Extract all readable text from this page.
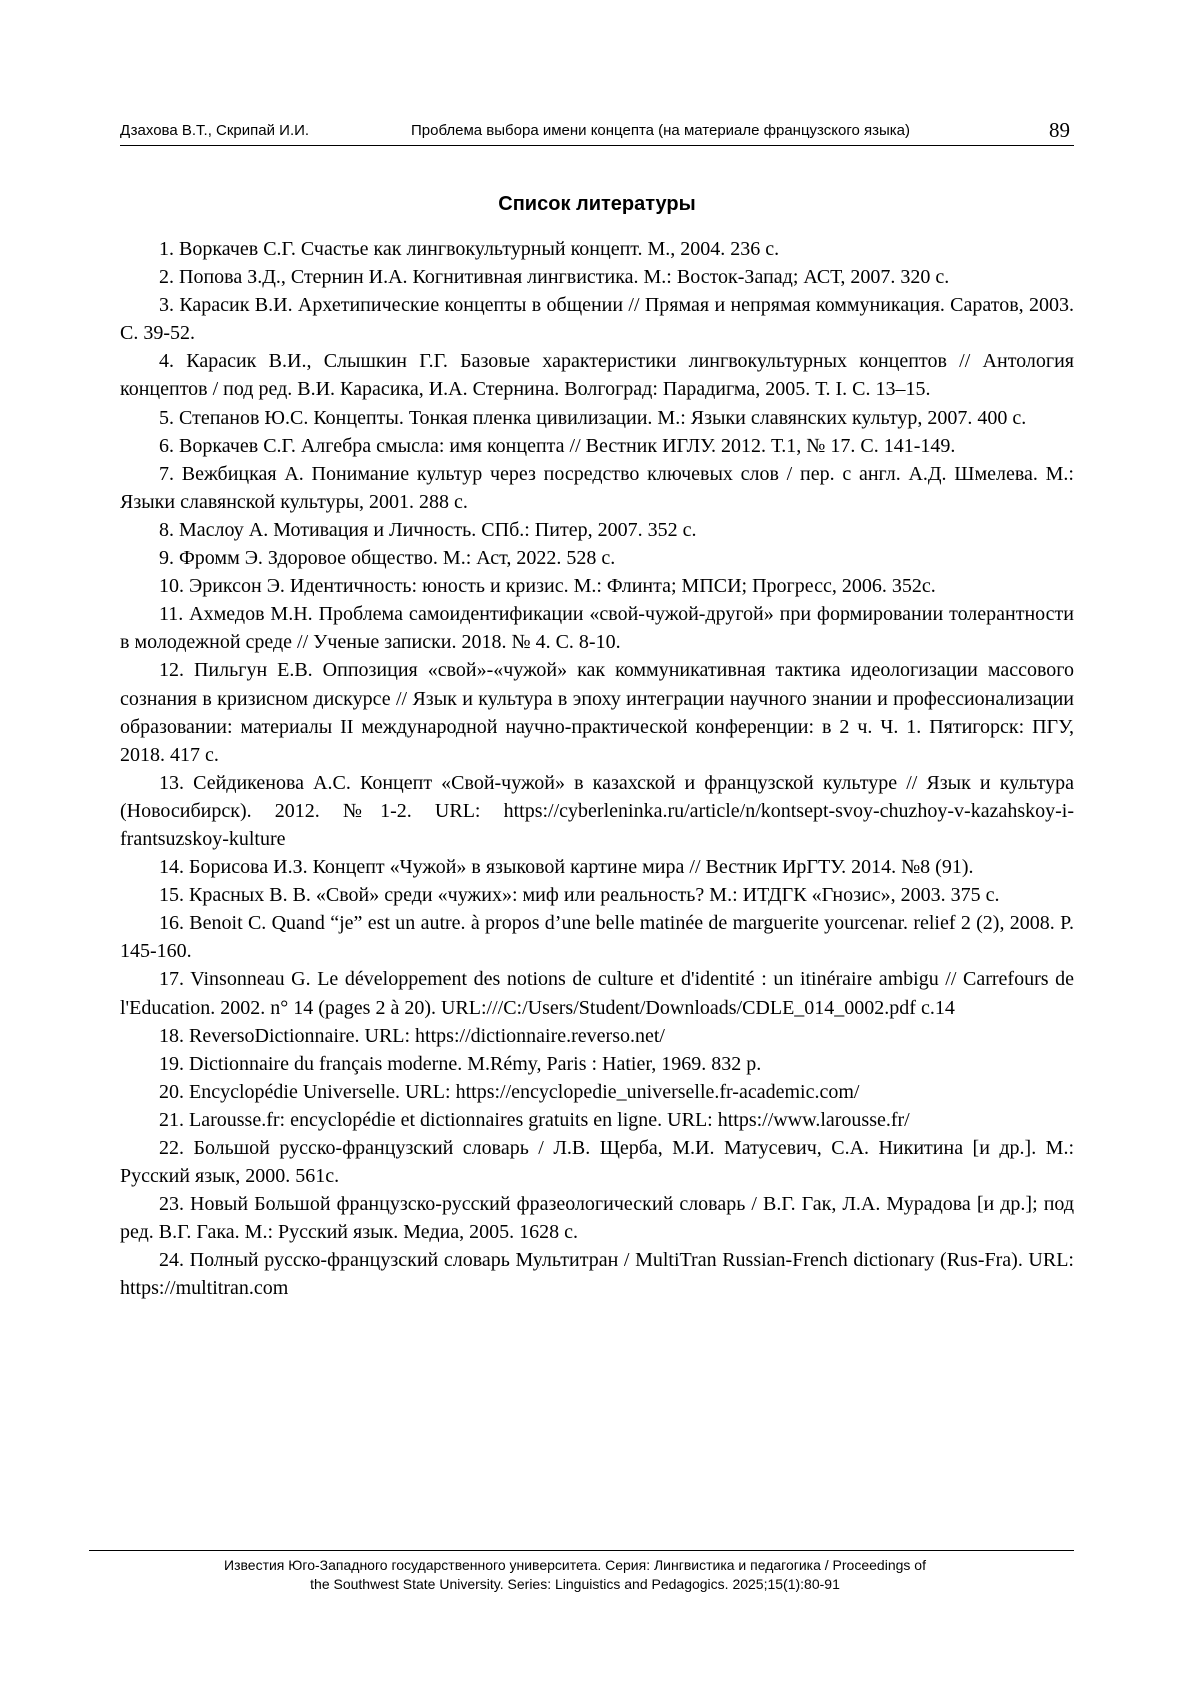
Дзахова В.Т., Скрипай И.И.	Проблема выбора имени концепта (на материале французского языка)	89
Список литературы
1. Воркачев С.Г. Счастье как лингвокультурный концепт. М., 2004. 236 с.
2. Попова З.Д., Стернин И.А. Когнитивная лингвистика. М.: Восток-Запад; АСТ, 2007. 320 с.
3. Карасик В.И. Архетипические концепты в общении // Прямая и непрямая коммуникация. Саратов, 2003. С. 39-52.
4. Карасик В.И., Слышкин Г.Г. Базовые характеристики лингвокультурных концептов // Антология концептов / под ред. В.И. Карасика, И.А. Стернина. Волгоград: Парадигма, 2005. Т. I. С. 13–15.
5. Степанов Ю.С. Концепты. Тонкая пленка цивилизации. М.: Языки славянских культур, 2007. 400 с.
6. Воркачев С.Г. Алгебра смысла: имя концепта // Вестник ИГЛУ. 2012. Т.1, № 17. С. 141-149.
7. Вежбицкая А. Понимание культур через посредство ключевых слов / пер. с англ. А.Д. Шмелева. М.: Языки славянской культуры, 2001. 288 с.
8. Маслоу А. Мотивация и Личность. СПб.: Питер, 2007. 352 с.
9. Фромм Э. Здоровое общество. М.: Аст, 2022. 528 с.
10. Эриксон Э. Идентичность: юность и кризис. М.: Флинта; МПСИ; Прогресс, 2006. 352с.
11. Ахмедов М.Н. Проблема самоидентификации «свой-чужой-другой» при формировании толерантности в молодежной среде // Ученые записки. 2018. № 4. С. 8-10.
12. Пильгун Е.В. Оппозиция «свой»-«чужой» как коммуникативная тактика идеологизации массового сознания в кризисном дискурсе // Язык и культура в эпоху интеграции научного знании и профессионализации образовании: материалы II международной научно-практической конференции: в 2 ч. Ч. 1. Пятигорск: ПГУ, 2018. 417 с.
13. Сейдикенова А.С. Концепт «Свой-чужой» в казахской и французской культуре // Язык и культура (Новосибирск). 2012. №1-2. URL: https://cyberleninka.ru/article/n/kontsept-svoy-chuzhoy-v-kazahskoy-i-frantsuzskoy-kulture
14. Борисова И.З. Концепт «Чужой» в языковой картине мира // Вестник ИрГТУ. 2014. №8 (91).
15. Красных В. В. «Свой» среди «чужих»: миф или реальность? М.: ИТДГК «Гнозис», 2003. 375 с.
16. Benoit C. Quand “je” est un autre. à propos d’une belle matinée de marguerite yourcenar. relief 2 (2), 2008. P. 145-160.
17. Vinsonneau G. Le développement des notions de culture et d'identité : un itinéraire ambigu // Carrefours de l'Education. 2002. n° 14 (pages 2 à 20). URL:///C:/Users/Student/​Downloads/CDLE_014_0002.pdf c.14
18. ReversoDictionnaire. URL: https://dictionnaire.reverso.net/
19. Dictionnaire du français moderne. M.Rémy, Paris : Hatier, 1969. 832 p.
20. Encyclopédie Universelle. URL: https://encyclopedie_universelle.fr-academic.com/
21. Larousse.fr: encyclopédie et dictionnaires gratuits en ligne. URL: https://www.larousse.fr/
22. Большой русско-французский словарь / Л.В. Щерба, М.И. Матусевич, С.А. Никитина [и др.]. М.: Русский язык, 2000. 561с.
23. Новый Большой французско-русский фразеологический словарь / В.Г. Гак, Л.А. Мурадова [и др.]; под ред. В.Г. Гака. М.: Русский язык. Медиа, 2005. 1628 с.
24. Полный русско-французский словарь Мультитран / MultiTran Russian-French dictionary (Rus-Fra). URL: https://multitran.com
Известия Юго-Западного государственного университета. Серия: Лингвистика и педагогика / Proceedings of
the Southwest State University. Series: Linguistics and Pedagogics. 2025;15(1):80-91
